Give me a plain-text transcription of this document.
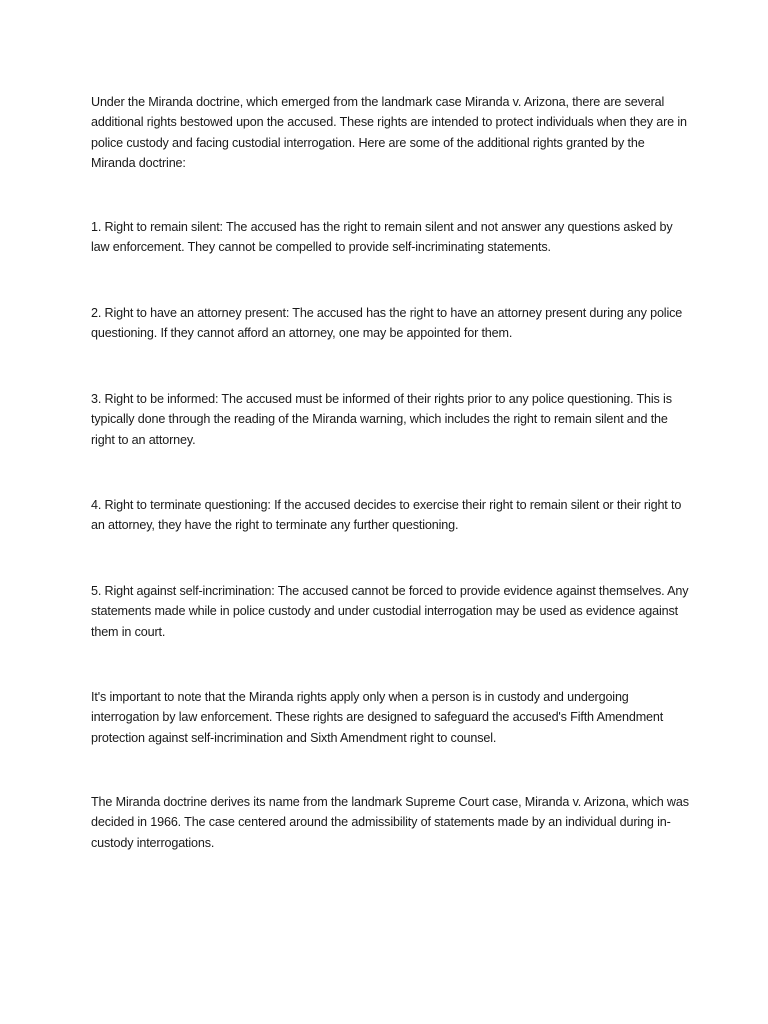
Under the Miranda doctrine, which emerged from the landmark case Miranda v. Arizona, there are several additional rights bestowed upon the accused. These rights are intended to protect individuals when they are in police custody and facing custodial interrogation. Here are some of the additional rights granted by the Miranda doctrine:

1. Right to remain silent: The accused has the right to remain silent and not answer any questions asked by law enforcement. They cannot be compelled to provide self-incriminating statements.

2. Right to have an attorney present: The accused has the right to have an attorney present during any police questioning. If they cannot afford an attorney, one may be appointed for them.

3. Right to be informed: The accused must be informed of their rights prior to any police questioning. This is typically done through the reading of the Miranda warning, which includes the right to remain silent and the right to an attorney.

4. Right to terminate questioning: If the accused decides to exercise their right to remain silent or their right to an attorney, they have the right to terminate any further questioning.

5. Right against self-incrimination: The accused cannot be forced to provide evidence against themselves. Any statements made while in police custody and under custodial interrogation may be used as evidence against them in court.

It's important to note that the Miranda rights apply only when a person is in custody and undergoing interrogation by law enforcement. These rights are designed to safeguard the accused's Fifth Amendment protection against self-incrimination and Sixth Amendment right to counsel.

The Miranda doctrine derives its name from the landmark Supreme Court case, Miranda v. Arizona, which was decided in 1966. The case centered around the admissibility of statements made by an individual during in-custody interrogations.
